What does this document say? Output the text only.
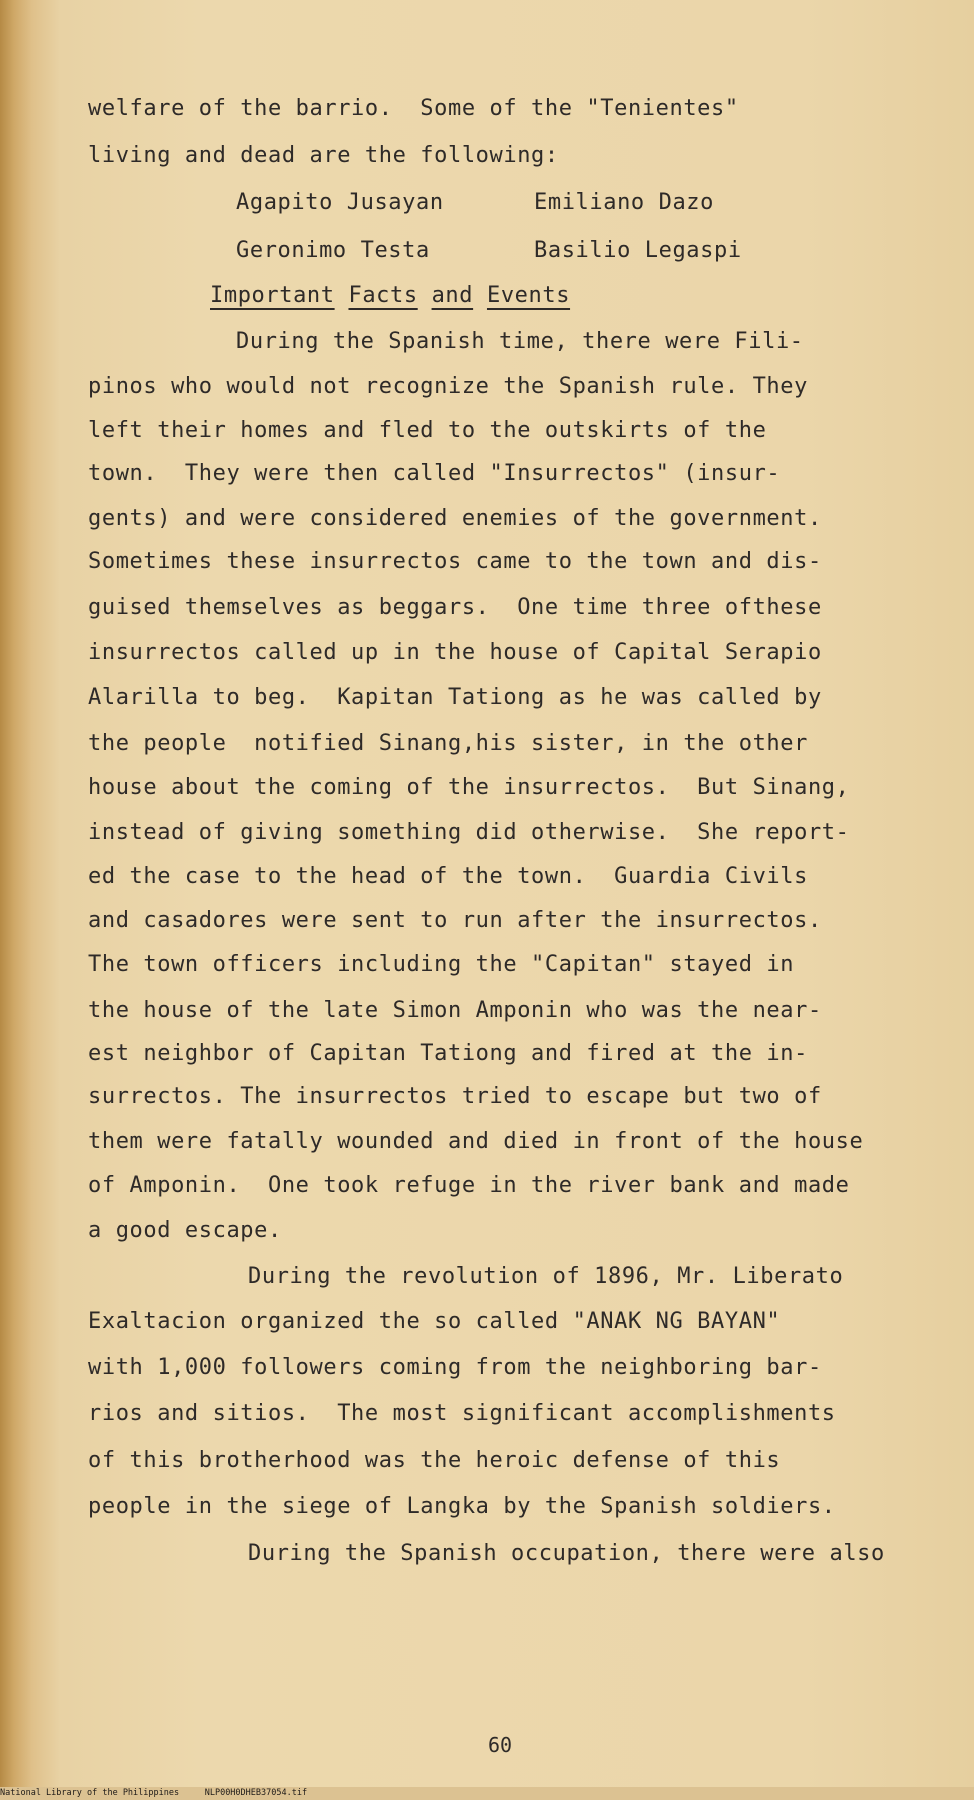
welfare of the barrio.  Some of the "Tenientes"
living and dead are the following:
Agapito Jusayan	Emiliano Dazo
Geronimo Testa	Basilio Legaspi
Important Facts and Events
During the Spanish time, there were Fili-
pinos who would not recognize the Spanish rule. They
left their homes and fled to the outskirts of the
town.  They were then called "Insurrectos" (insur-
gents) and were considered enemies of the government.
Sometimes these insurrectos came to the town and dis-
guised themselves as beggars.  One time three ofthese
insurrectos called up in the house of Capital Serapio
Alarilla to beg.  Kapitan Tationg as he was called by
the people  notified Sinang,his sister, in the other
house about the coming of the insurrectos.  But Sinang,
instead of giving something did otherwise.  She report-
ed the case to the head of the town.  Guardia Civils
and casadores were sent to run after the insurrectos.
The town officers including the "Capitan" stayed in
the house of the late Simon Amponin who was the near-
est neighbor of Capitan Tationg and fired at the in-
surrectos. The insurrectos tried to escape but two of
them were fatally wounded and died in front of the house
of Amponin.  One took refuge in the river bank and made
a good escape.
During the revolution of 1896, Mr. Liberato
Exaltacion organized the so called "ANAK NG BAYAN"
with 1,000 followers coming from the neighboring bar-
rios and sitios.  The most significant accomplishments
of this brotherhood was the heroic defense of this
people in the siege of Langka by the Spanish soldiers.
During the Spanish occupation, there were also
60
National Library of the Philippines	NLP00H0DHEB37054.tif
